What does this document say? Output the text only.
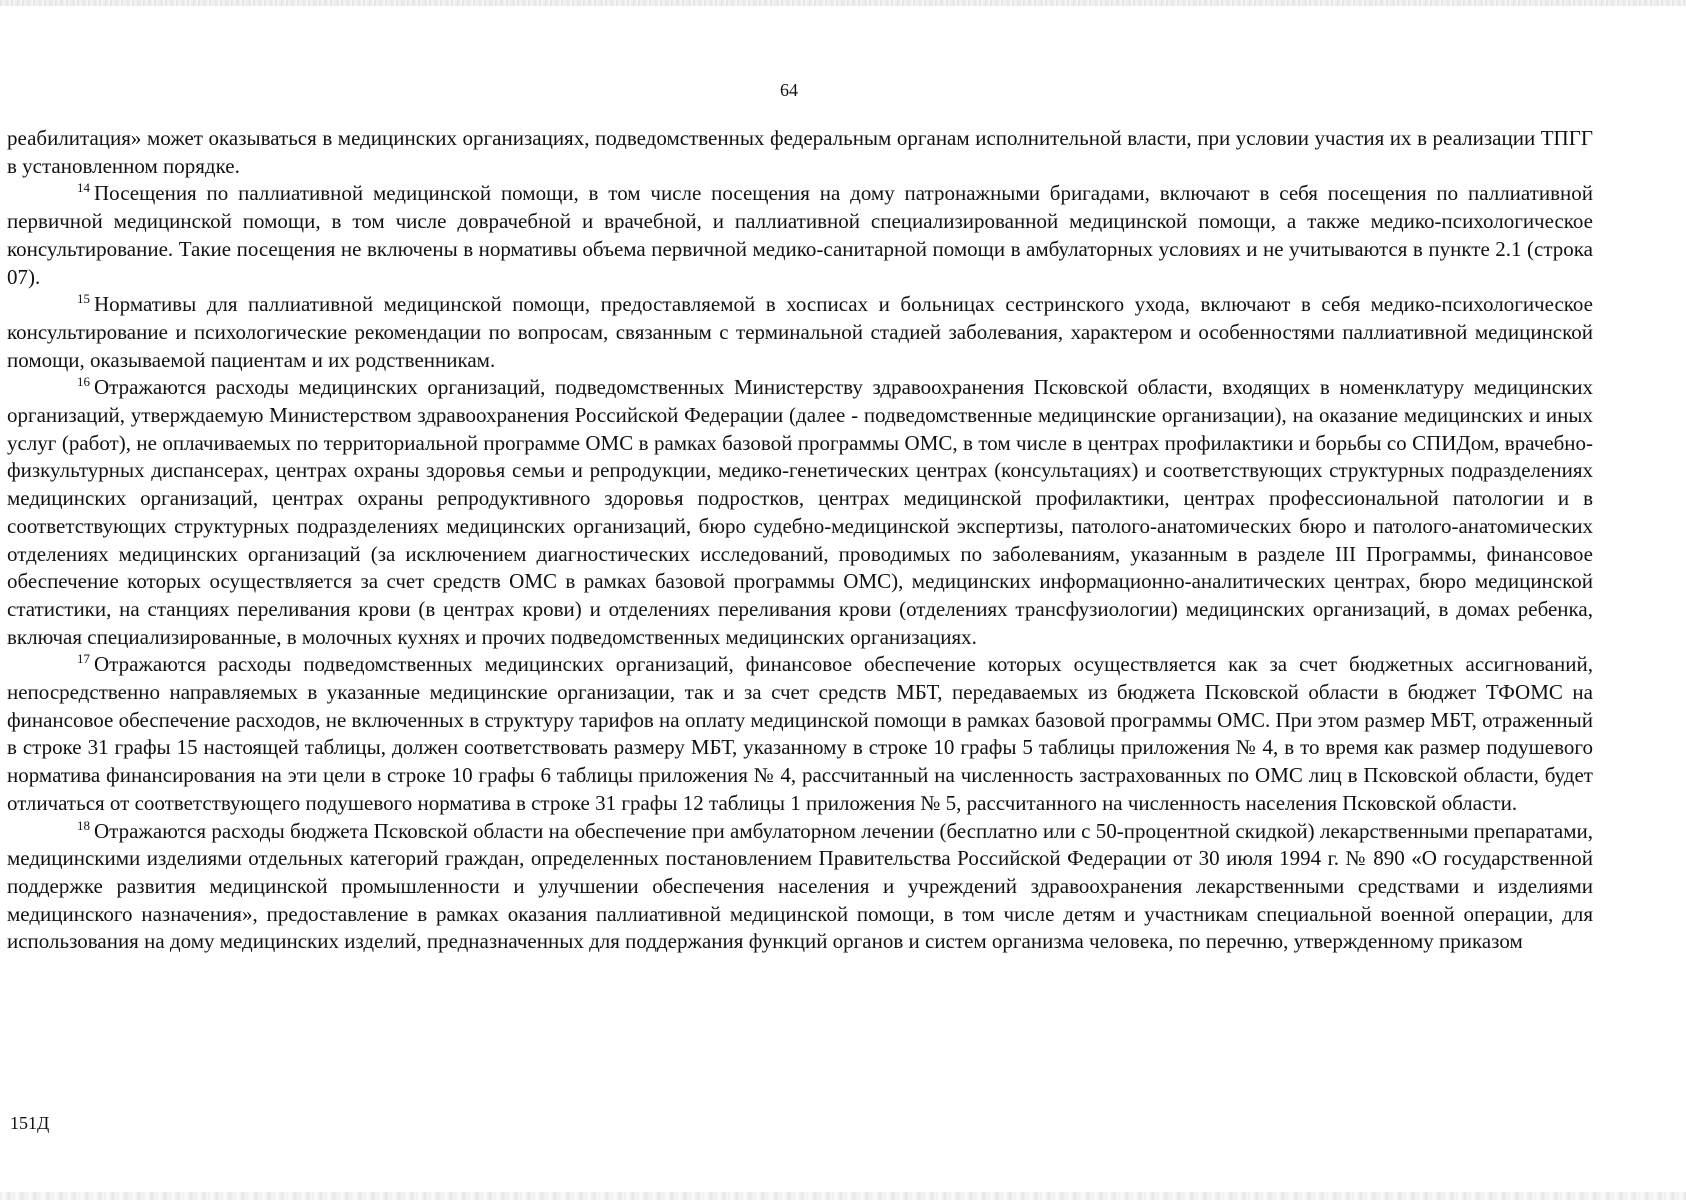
64

реабилитация» может оказываться в медицинских организациях, подведомственных федеральным органам исполнительной власти, при условии участия их в реализации ТПГГ в установленном порядке.

$^{14}$ Посещения по паллиативной медицинской помощи, в том числе посещения на дому патронажными бригадами, включают в себя посещения по паллиативной первичной медицинской помощи, в том числе доврачебной и врачебной, и паллиативной специализированной медицинской помощи, а также медико-психологическое консультирование. Такие посещения не включены в нормативы объема первичной медико-санитарной помощи в амбулаторных условиях и не учитываются в пункте 2.1 (строка 07).

$^{15}$ Нормативы для паллиативной медицинской помощи, предоставляемой в хосписах и больницах сестринского ухода, включают в себя медико-психологическое консультирование и психологические рекомендации по вопросам, связанным с терминальной стадией заболевания, характером и особенностями паллиативной медицинской помощи, оказываемой пациентам и их родственникам.

$^{16}$ Отражаются расходы медицинских организаций, подведомственных Министерству здравоохранения Псковской области, входящих в номенклатуру медицинских организаций, утверждаемую Министерством здравоохранения Российской Федерации (далее - подведомственные медицинские организации), на оказание медицинских и иных услуг (работ), не оплачиваемых по территориальной программе ОМС в рамках базовой программы ОМС, в том числе в центрах профилактики и борьбы со СПИДом, врачебно-физкультурных диспансерах, центрах охраны здоровья семьи и репродукции, медико-генетических центрах (консультациях) и соответствующих структурных подразделениях медицинских организаций, центрах охраны репродуктивного здоровья подростков, центрах медицинской профилактики, центрах профессиональной патологии и в соответствующих структурных подразделениях медицинских организаций, бюро судебно-медицинской экспертизы, патолого-анатомических бюро и патолого-анатомических отделениях медицинских организаций (за исключением диагностических исследований, проводимых по заболеваниям, указанным в разделе III Программы, финансовое обеспечение которых осуществляется за счет средств ОМС в рамках базовой программы ОМС), медицинских информационно-аналитических центрах, бюро медицинской статистики, на станциях переливания крови (в центрах крови) и отделениях переливания крови (отделениях трансфузиологии) медицинских организаций, в домах ребенка, включая специализированные, в молочных кухнях и прочих подведомственных медицинских организациях.

$^{17}$ Отражаются расходы подведомственных медицинских организаций, финансовое обеспечение которых осуществляется как за счет бюджетных ассигнований, непосредственно направляемых в указанные медицинские организации, так и за счет средств МБТ, передаваемых из бюджета Псковской области в бюджет ТФОМС на финансовое обеспечение расходов, не включенных в структуру тарифов на оплату медицинской помощи в рамках базовой программы ОМС. При этом размер МБТ, отраженный в строке 31 графы 15 настоящей таблицы, должен соответствовать размеру МБТ, указанному в строке 10 графы 5 таблицы приложения № 4, в то время как размер подушевого норматива финансирования на эти цели в строке 10 графы 6 таблицы приложения № 4, рассчитанный на численность застрахованных по ОМС лиц в Псковской области, будет отличаться от соответствующего подушевого норматива в строке 31 графы 12 таблицы 1 приложения № 5, рассчитанного на численность населения Псковской области.

$^{18}$ Отражаются расходы бюджета Псковской области на обеспечение при амбулаторном лечении (бесплатно или с 50-процентной скидкой) лекарственными препаратами, медицинскими изделиями отдельных категорий граждан, определенных постановлением Правительства Российской Федерации от 30 июля 1994 г. № 890 «О государственной поддержке развития медицинской промышленности и улучшении обеспечения населения и учреждений здравоохранения лекарственными средствами и изделиями медицинского назначения», предоставление в рамках оказания паллиативной медицинской помощи, в том числе детям и участникам специальной военной операции, для использования на дому медицинских изделий, предназначенных для поддержания функций органов и систем организма человека, по перечню, утвержденному приказом

151Д
